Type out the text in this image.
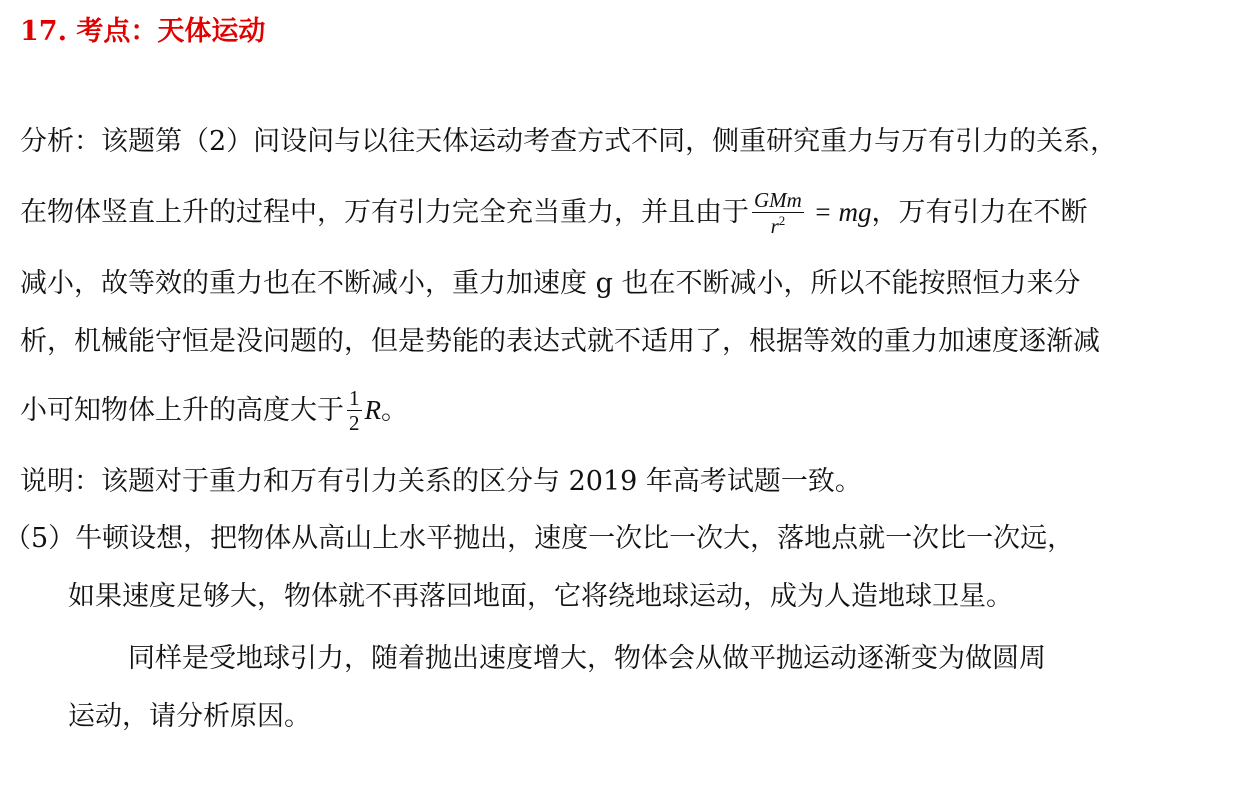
17. 考点：天体运动
分析：该题第（2）问设问与以往天体运动考查方式不同，侧重研究重力与万有引力的关系，
在物体竖直上升的过程中，万有引力完全充当重力，并且由于 $\frac{\text{GMm}}{r^2}$ = mg，万有引力在不断
减小，故等效的重力也在不断减小，重力加速度 g 也在不断减小，所以不能按照恒力来分
析，机械能守恒是没问题的，但是势能的表达式就不适用了，根据等效的重力加速度逐渐减
小可知物体上升的高度大于 $\frac{1}{2}$ R。
说明：该题对于重力和万有引力关系的区分与 2019 年高考试题一致。
（5）牛顿设想，把物体从高山上水平抛出，速度一次比一次大，落地点就一次比一次远，
如果速度足够大，物体就不再落回地面，它将绕地球运动，成为人造地球卫星。
同样是受地球引力，随着抛出速度增大，物体会从做平抛运动逐渐变为做圆周
运动，请分析原因。
